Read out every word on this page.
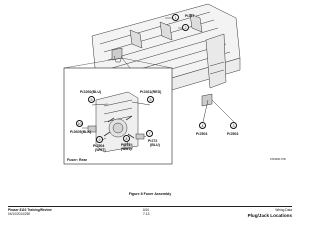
1
2
P/J47
4	3
P/J503	P/J503
P/J260(BLU)
5
P/J261(RED)
5
10
P/J605(BLK)
9
P/J504
(WHT)
8
P/J71
(WHT)
7
P/J72
(BLU)
Fuser: Rear	0743000-TNF
Figure 8 Fuser Assembly
Phaser 8110 Training/Review
04/10/2014/250
6/10
7-13
Wiring Data
Plug/Jack Locations
